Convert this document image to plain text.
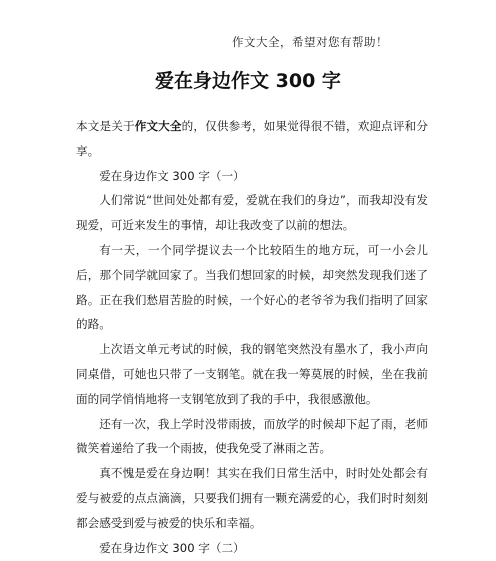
作文大全，希望对您有帮助！
爱在身边作文 300 字

本文是关于作文大全的，仅供参考，如果觉得很不错，欢迎点评和分享。

爱在身边作文 300 字（一）

人们常说“世间处处都有爱，爱就在我们的身边”，而我却没有发现爱，可近来发生的事情，却让我改变了以前的想法。

有一天，一个同学提议去一个比较陌生的地方玩，可一小会儿后，那个同学就回家了。当我们想回家的时候，却突然发现我们迷了路。正在我们愁眉苦脸的时候，一个好心的老爷爷为我们指明了回家的路。

上次语文单元考试的时候，我的钢笔突然没有墨水了，我小声向同桌借，可她也只带了一支钢笔。就在我一筹莫展的时候，坐在我前面的同学悄悄地将一支钢笔放到了我的手中，我很感激他。

还有一次，我上学时没带雨披，而放学的时候却下起了雨，老师微笑着递给了我一个雨披，使我免受了淋雨之苦。

真不愧是爱在身边啊！其实在我们日常生活中，时时处处都会有爱与被爱的点点滴滴，只要我们拥有一颗充满爱的心，我们时时刻刻都会感受到爱与被爱的快乐和幸福。

爱在身边作文 300 字（二）
